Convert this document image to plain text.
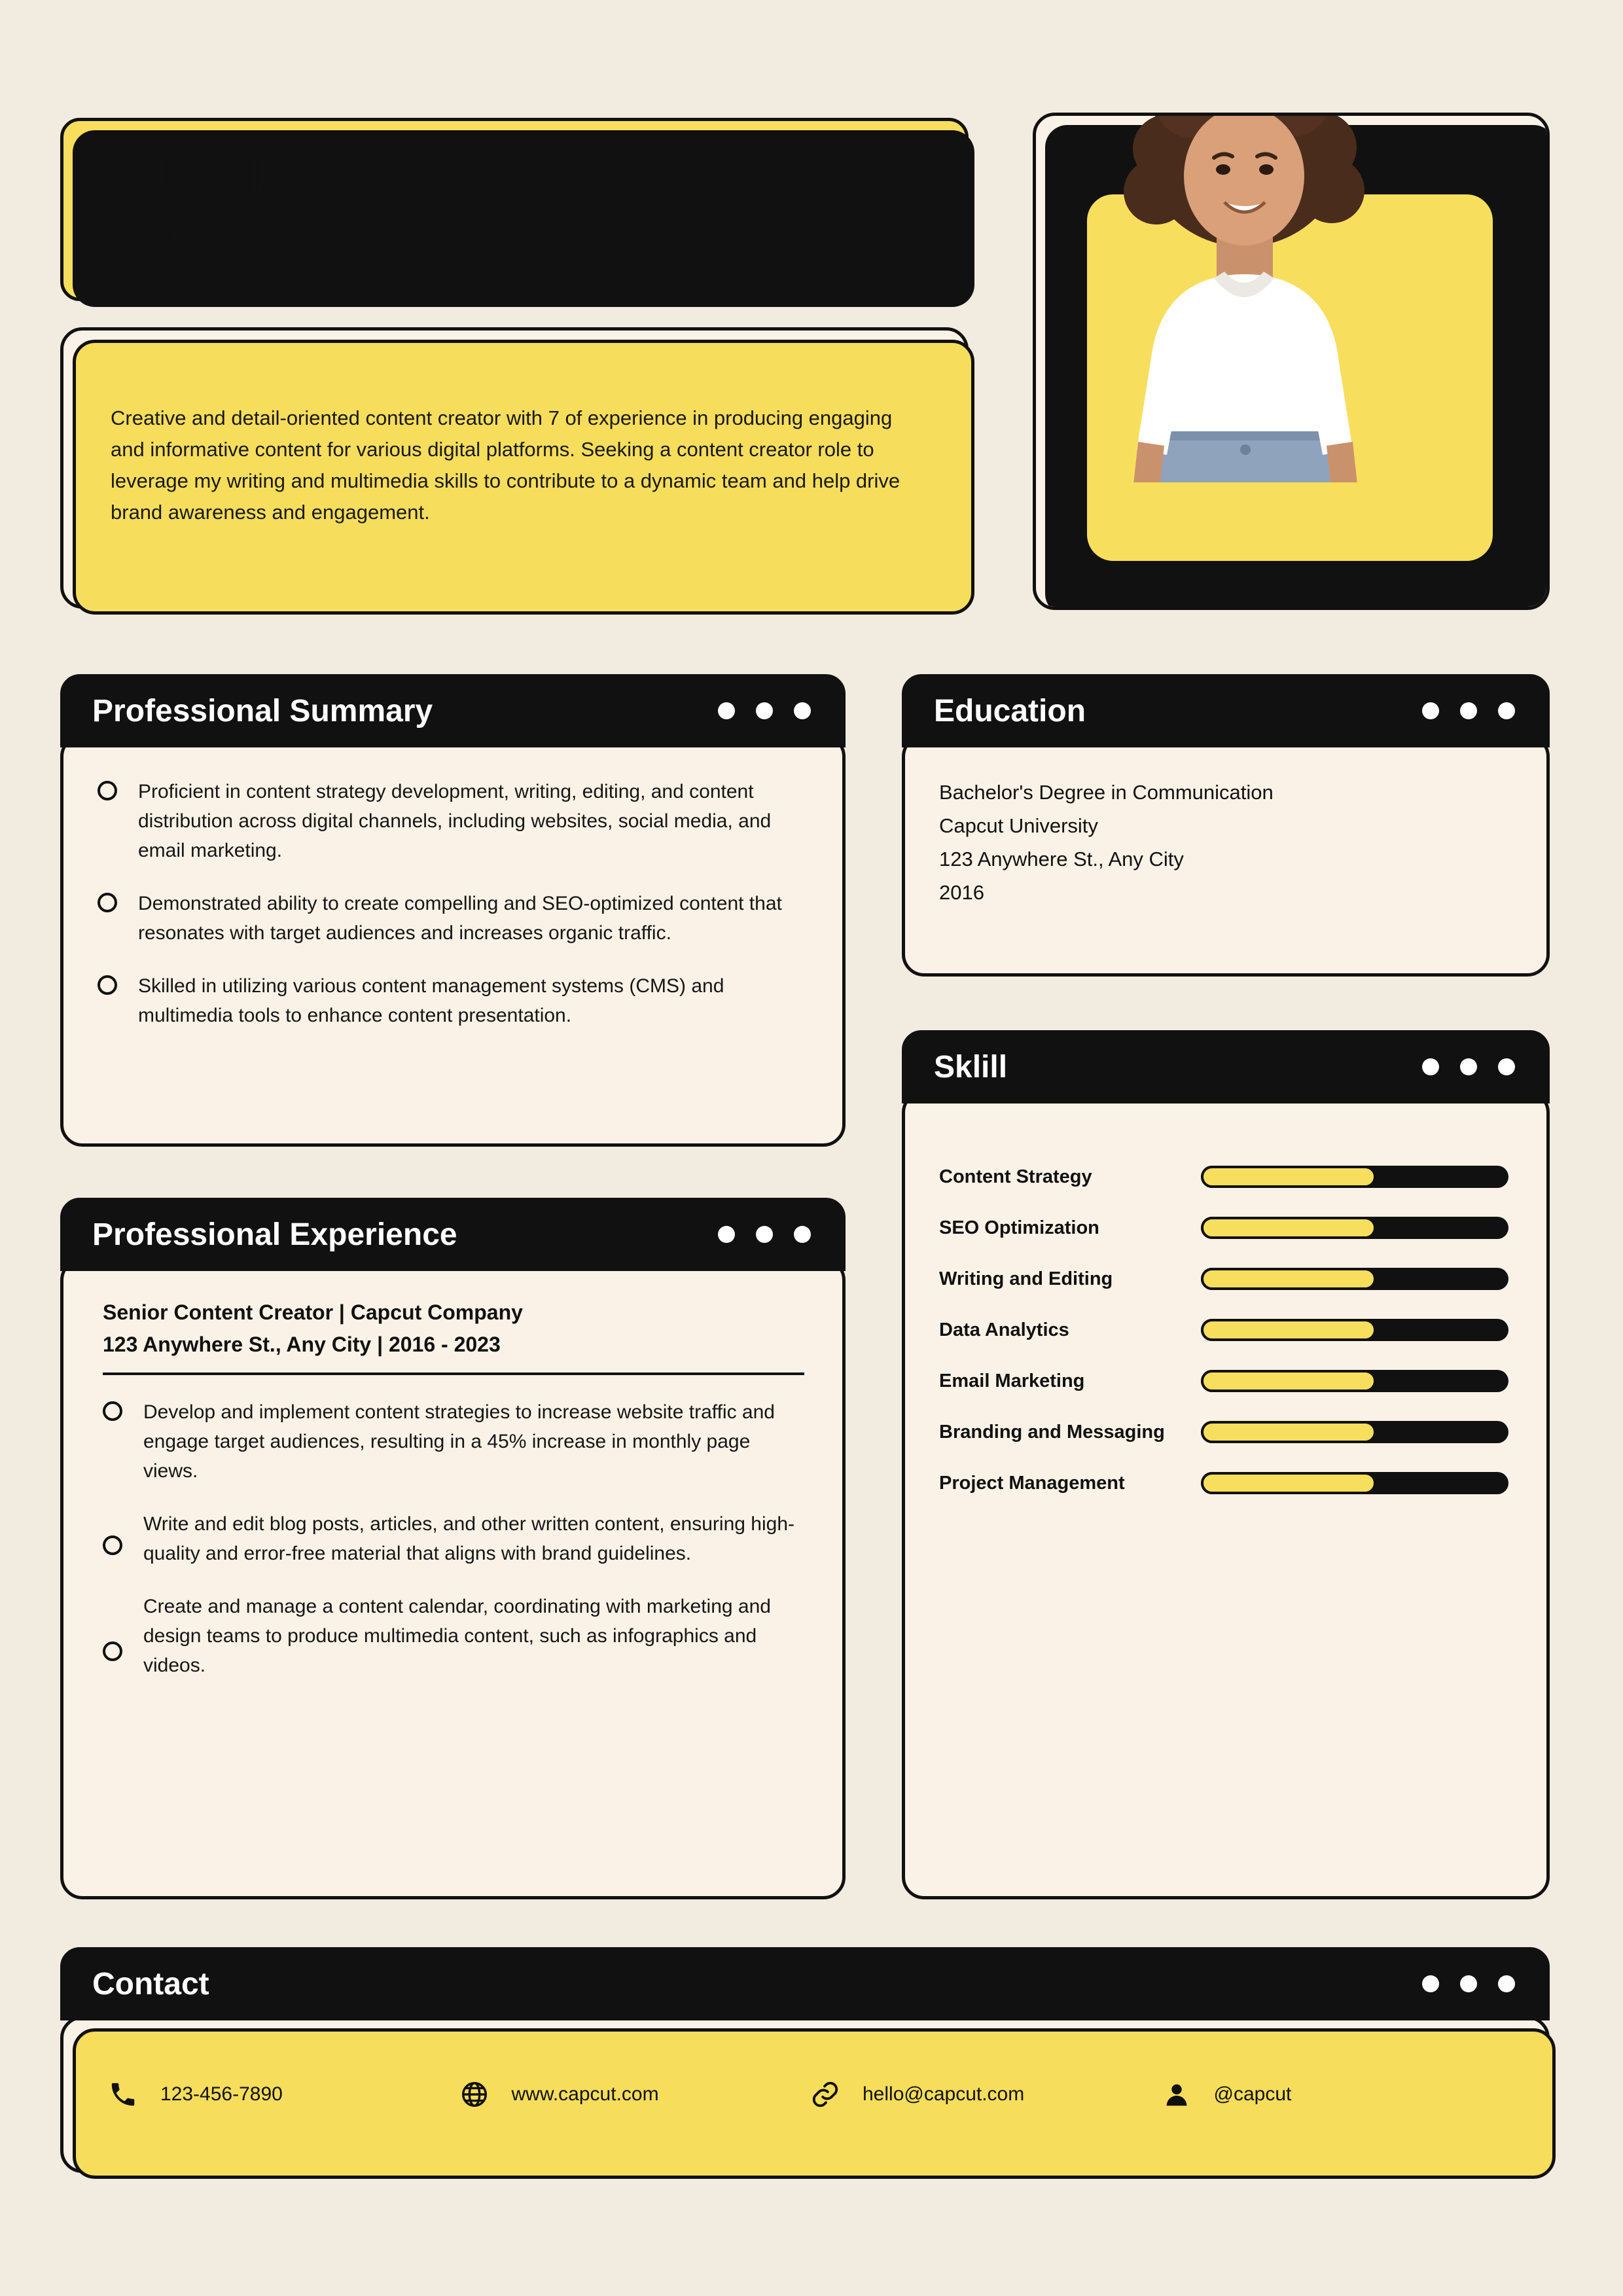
OLIVIA WILSON
Content Creator

Creative and detail-oriented content creator with 7 of experience in producing engaging and informative content for various digital platforms. Seeking a content creator role to leverage my writing and multimedia skills to contribute to a dynamic team and help drive brand awareness and engagement.

Professional Summary
Proficient in content strategy development, writing, editing, and content distribution across digital channels, including websites, social media, and email marketing.
Demonstrated ability to create compelling and SEO-optimized content that resonates with target audiences and increases organic traffic.
Skilled in utilizing various content management systems (CMS) and multimedia tools to enhance content presentation.
Professional Experience
Senior Content Creator | Capcut Company
123 Anywhere St., Any City | 2016 - 2023
Develop and implement content strategies to increase website traffic and engage target audiences, resulting in a 45% increase in monthly page views.
Write and edit blog posts, articles, and other written content, ensuring high-quality and error-free material that aligns with brand guidelines.
Create and manage a content calendar, coordinating with marketing and design teams to produce multimedia content, such as infographics and videos.
Education
Bachelor's Degree in Communication
Capcut University
123 Anywhere St., Any City
2016
Sklill
Content Strategy
SEO Optimization
Writing and Editing
Data Analytics
Email Marketing
Branding and Messaging
Project Management
Contact
123-456-7890	www.capcut.com	hello@capcut.com	@capcut
